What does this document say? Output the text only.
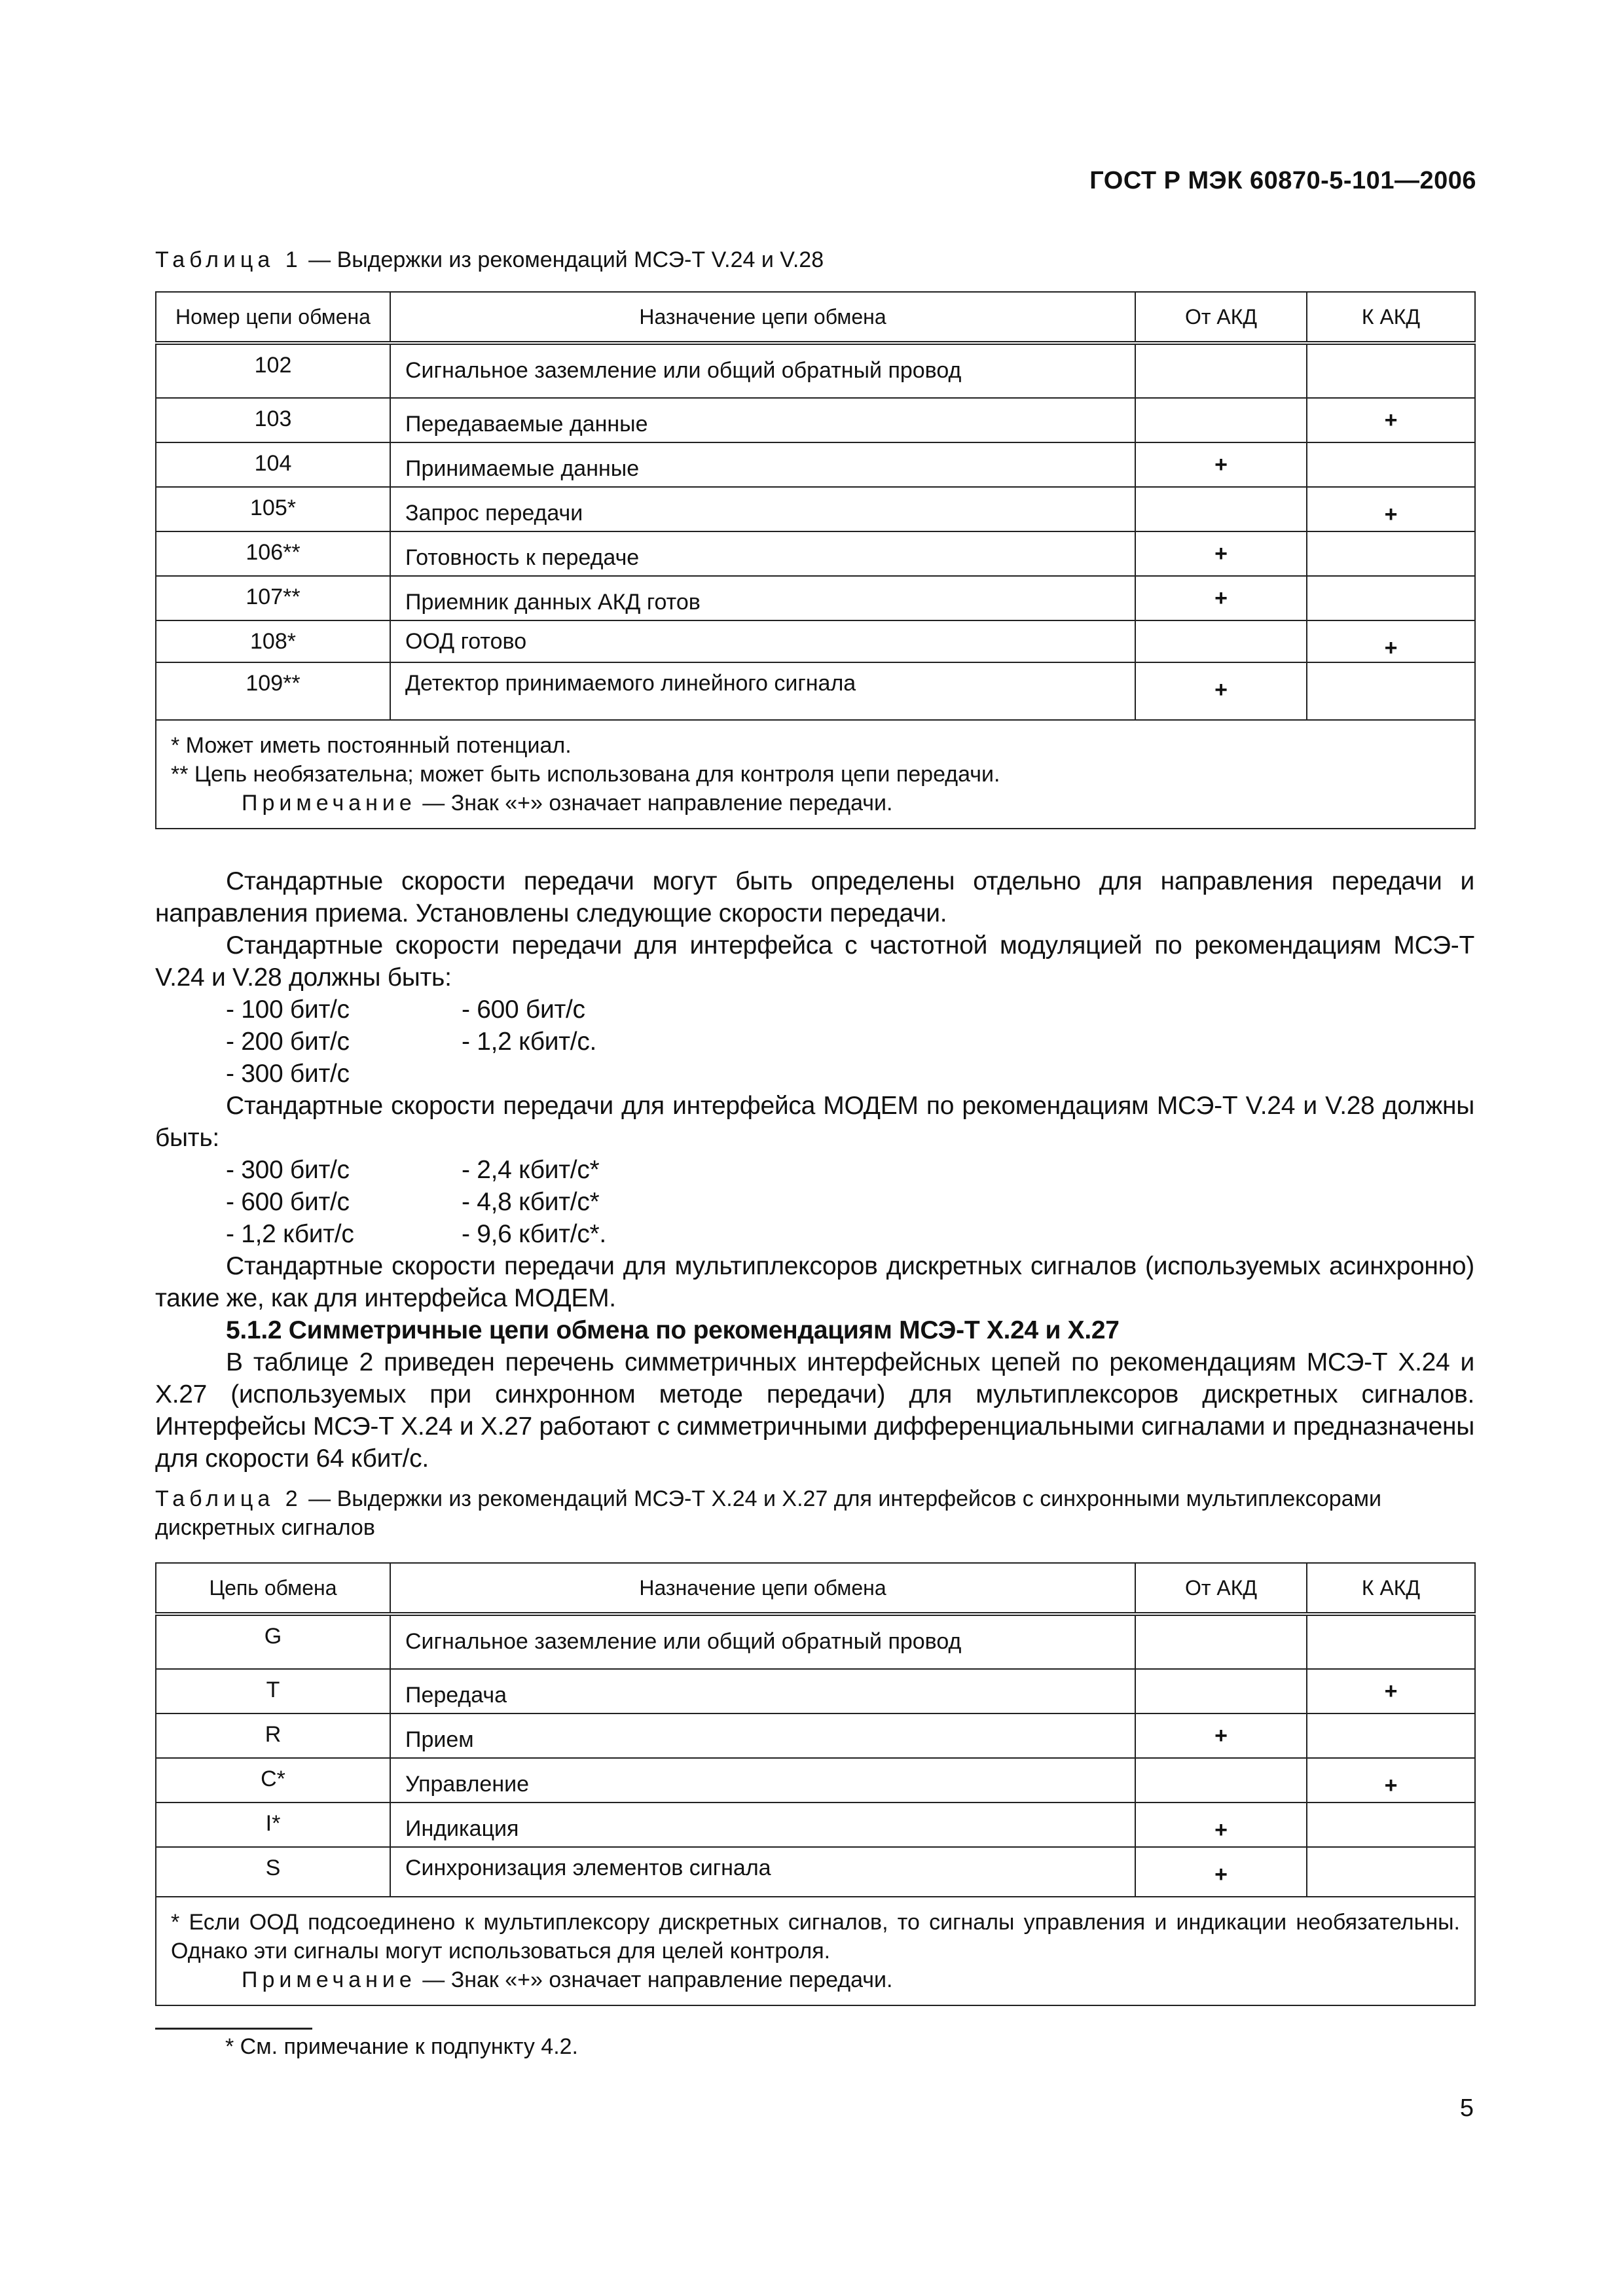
ГОСТ Р МЭК 60870-5-101—2006
Таблица 1 — Выдержки из рекомендаций МСЭ-Т V.24 и V.28
Номер цепи обмена	Назначение цепи обмена	От АКД	К АКД
102	Сигнальное заземление или общий обратный провод		
103	Передаваемые данные		+
104	Принимаемые данные	+	
105*	Запрос передачи		+
106**	Готовность к передаче	+	
107**	Приемник данных АКД готов	+	
108*	ООД готово		+
109**	Детектор принимаемого линейного сигнала	+	

* Может иметь постоянный потенциал.
** Цепь необязательна; может быть использована для контроля цепи передачи.
Примечание — Знак «+» означает направление передачи.			

Стандартные скорости передачи могут быть определены отдельно для направления передачи и направления приема. Установлены следующие скорости передачи.

Стандартные скорости передачи для интерфейса с частотной модуляцией по рекомендациям МСЭ-Т V.24 и V.28 должны быть:

- 100 бит/с	- 600 бит/с
- 200 бит/с	- 1,2 кбит/с.
- 300 бит/с

Стандартные скорости передачи для интерфейса МОДЕМ по рекомендациям МСЭ-Т V.24 и V.28 должны быть:

- 300 бит/с	- 2,4 кбит/с*
- 600 бит/с	- 4,8 кбит/с*
- 1,2 кбит/с	- 9,6 кбит/с*.

Стандартные скорости передачи для мультиплексоров дискретных сигналов (используемых асинхронно) такие же, как для интерфейса МОДЕМ.

5.1.2 Симметричные цепи обмена по рекомендациям МСЭ-Т Х.24 и Х.27

В таблице 2 приведен перечень симметричных интерфейсных цепей по рекомендациям МСЭ-Т Х.24 и Х.27 (используемых при синхронном методе передачи) для мультиплексоров дискретных сигналов. Интерфейсы МСЭ-Т Х.24 и Х.27 работают с симметричными дифференциальными сигналами и предназначены для скорости 64 кбит/с.

Таблица 2 — Выдержки из рекомендаций МСЭ-Т Х.24 и Х.27 для интерфейсов с синхронными мультиплексорами дискретных сигналов
Цепь обмена	Назначение цепи обмена	От АКД	К АКД
G	Сигнальное заземление или общий обратный провод		
T	Передача		+
R	Прием	+	
C*	Управление		+
I*	Индикация	+	
S	Синхронизация элементов сигнала	+	

* Если ООД подсоединено к мультиплексору дискретных сигналов, то сигналы управления и индикации необязательны. Однако эти сигналы могут использоваться для целей контроля.
Примечание — Знак «+» означает направление передачи.			
* См. примечание к подпункту 4.2.
5
